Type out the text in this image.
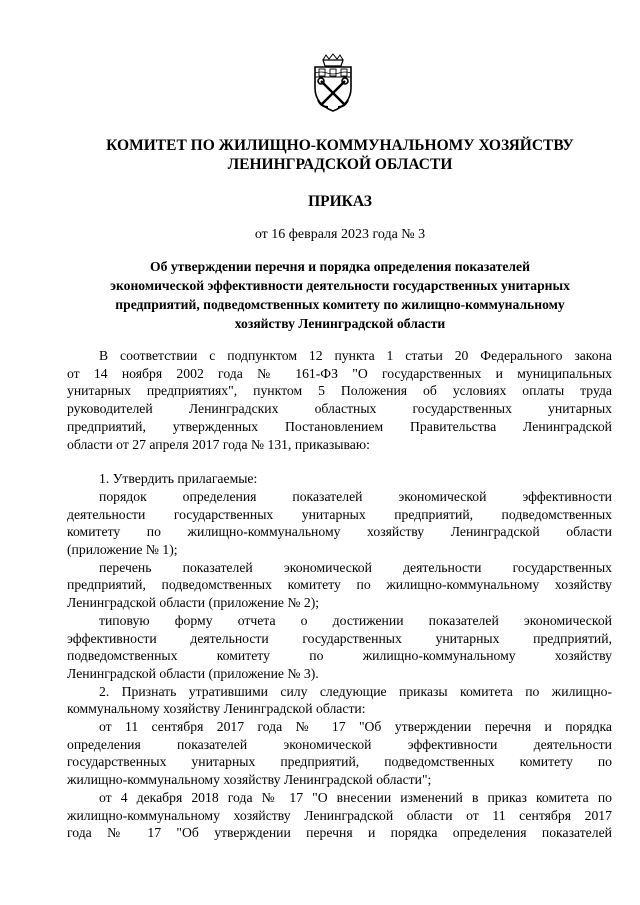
КОМИТЕТ ПО ЖИЛИЩНО-КОММУНАЛЬНОМУ ХОЗЯЙСТВУ
ЛЕНИНГРАДСКОЙ ОБЛАСТИ
ПРИКАЗ
от 16 февраля 2023 года № 3
Об утверждении перечня и порядка определения показателей
экономической эффективности деятельности государственных унитарных
предприятий, подведомственных комитету по жилищно-коммунальному
хозяйству Ленинградской области
В соответствии с подпунктом 12 пункта 1 статьи 20 Федерального закона
от 14 ноября 2002 года № 161-ФЗ "О государственных и муниципальных
унитарных предприятиях", пунктом 5 Положения об условиях оплаты труда
руководителей Ленинградских областных государственных унитарных
предприятий, утвержденных Постановлением Правительства Ленинградской
области от 27 апреля 2017 года № 131, приказываю:
1. Утвердить прилагаемые:
порядок определения показателей экономической эффективности
деятельности государственных унитарных предприятий, подведомственных
комитету по жилищно-коммунальному хозяйству Ленинградской области
(приложение № 1);
перечень показателей экономической деятельности государственных
предприятий, подведомственных комитету по жилищно-коммунальному хозяйству
Ленинградской области (приложение № 2);
типовую форму отчета о достижении показателей экономической
эффективности деятельности государственных унитарных предприятий,
подведомственных комитету по жилищно-коммунальному хозяйству
Ленинградской области (приложение № 3).
2. Признать утратившими силу следующие приказы комитета по жилищно-
коммунальному хозяйству Ленинградской области:
от 11 сентября 2017 года № 17 "Об утверждении перечня и порядка
определения показателей экономической эффективности деятельности
государственных унитарных предприятий, подведомственных комитету по
жилищно-коммунальному хозяйству Ленинградской области";
от 4 декабря 2018 года № 17 "О внесении изменений в приказ комитета по
жилищно-коммунальному хозяйству Ленинградской области от 11 сентября 2017
года № 17 "Об утверждении перечня и порядка определения показателей
